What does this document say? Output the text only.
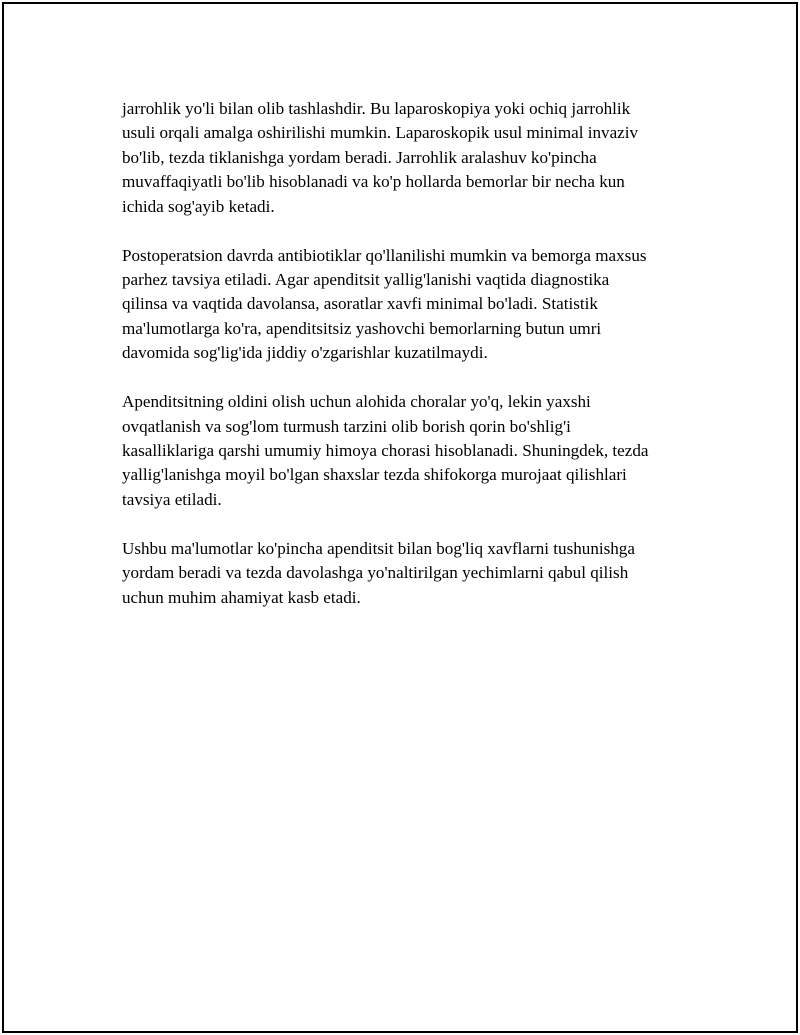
jarrohlik yo'li bilan olib tashlashdir. Bu laparoskopiya yoki ochiq jarrohlik
usuli orqali amalga oshirilishi mumkin. Laparoskopik usul minimal invaziv
bo'lib, tezda tiklanishga yordam beradi. Jarrohlik aralashuv ko'pincha
muvaffaqiyatli bo'lib hisoblanadi va ko'p hollarda bemorlar bir necha kun
ichida sog'ayib ketadi.

Postoperatsion davrda antibiotiklar qo'llanilishi mumkin va bemorga maxsus
parhez tavsiya etiladi. Agar apenditsit yallig'lanishi vaqtida diagnostika
qilinsa va vaqtida davolansa, asoratlar xavfi minimal bo'ladi. Statistik
ma'lumotlarga ko'ra, apenditsitsiz yashovchi bemorlarning butun umri
davomida sog'lig'ida jiddiy o'zgarishlar kuzatilmaydi.

Apenditsitning oldini olish uchun alohida choralar yo'q, lekin yaxshi
ovqatlanish va sog'lom turmush tarzini olib borish qorin bo'shlig'i
kasalliklariga qarshi umumiy himoya chorasi hisoblanadi. Shuningdek, tezda
yallig'lanishga moyil bo'lgan shaxslar tezda shifokorga murojaat qilishlari
tavsiya etiladi.

Ushbu ma'lumotlar ko'pincha apenditsit bilan bog'liq xavflarni tushunishga
yordam beradi va tezda davolashga yo'naltirilgan yechimlarni qabul qilish
uchun muhim ahamiyat kasb etadi.
